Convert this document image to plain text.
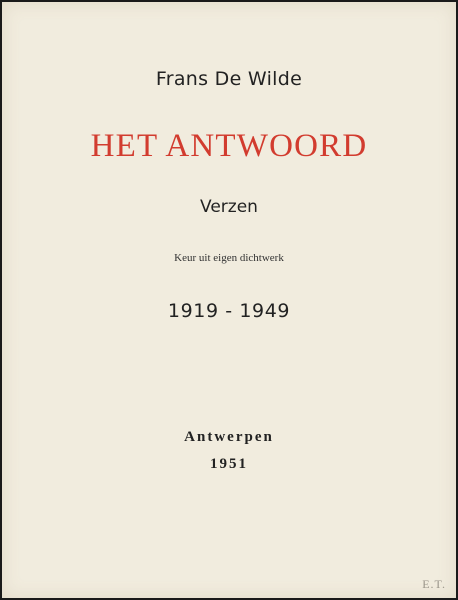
Frans De Wilde
HET ANTWOORD
Verzen
Keur uit eigen dichtwerk
1919 - 1949
Antwerpen
1951
E.T.
